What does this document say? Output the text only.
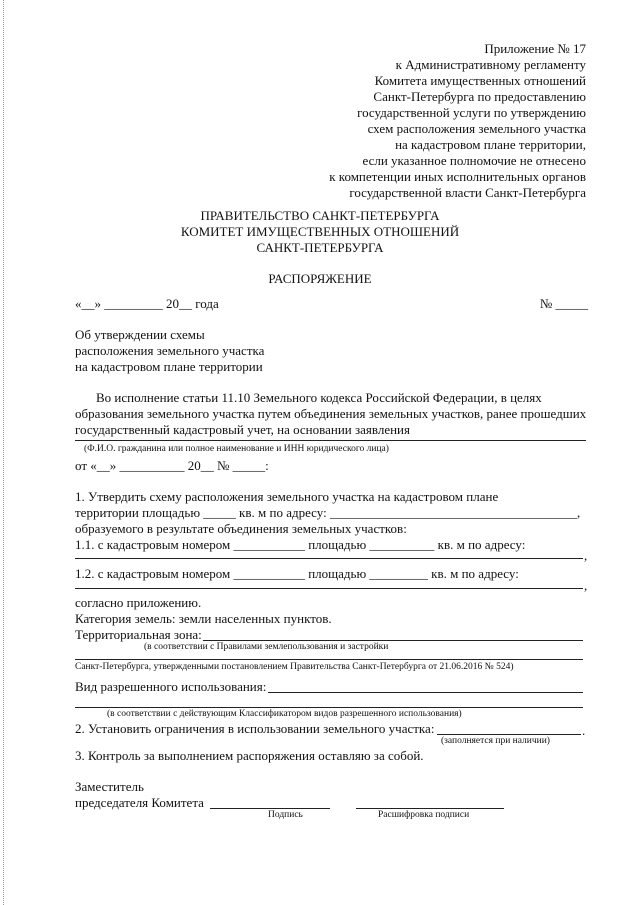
Приложение № 17
к Административному регламенту
Комитета имущественных отношений
Санкт-Петербурга по предоставлению
государственной услуги по утверждению
схем расположения земельного участка
на кадастровом плане территории,
если указанное полномочие не отнесено
к компетенции иных исполнительных органов
государственной власти Санкт-Петербурга
ПРАВИТЕЛЬСТВО САНКТ-ПЕТЕРБУРГА
КОМИТЕТ ИМУЩЕСТВЕННЫХ ОТНОШЕНИЙ
САНКТ-ПЕТЕРБУРГА
РАСПОРЯЖЕНИЕ
«__» _________ 20__ года	№ _____
Об утверждении схемы
расположения земельного участка
на кадастровом плане территории
Во исполнение статьи 11.10 Земельного кодекса Российской Федерации, в целях
образования земельного участка путем объединения земельных участков, ранее прошедших
государственный кадастровый учет, на основании заявления
(Ф.И.О. гражданина или полное наименование и ИНН юридического лица)
от «__» __________ 20__ № _____:
1. Утвердить схему расположения земельного участка на кадастровом плане
территории площадью _____ кв. м по адресу: ______________________________________,
образуемого в результате объединения земельных участков:
1.1. с кадастровым номером ___________ площадью __________ кв. м по адресу:
,
1.2. с кадастровым номером ___________ площадью _________ кв. м по адресу:
,
согласно приложению.
Категория земель: земли населенных пунктов.
Территориальная зона:
(в соответствии с Правилами землепользования и застройки
Санкт-Петербурга, утвержденными постановлением Правительства Санкт-Петербурга от 21.06.2016 № 524)
Вид разрешенного использования:
(в соответствии с действующим Классификатором видов разрешенного использования)
2. Установить ограничения в использовании земельного участка:	.
(заполняется при наличии)
3. Контроль за выполнением распоряжения оставляю за собой.
Заместитель
председателя Комитета
Подпись	Расшифровка подписи
